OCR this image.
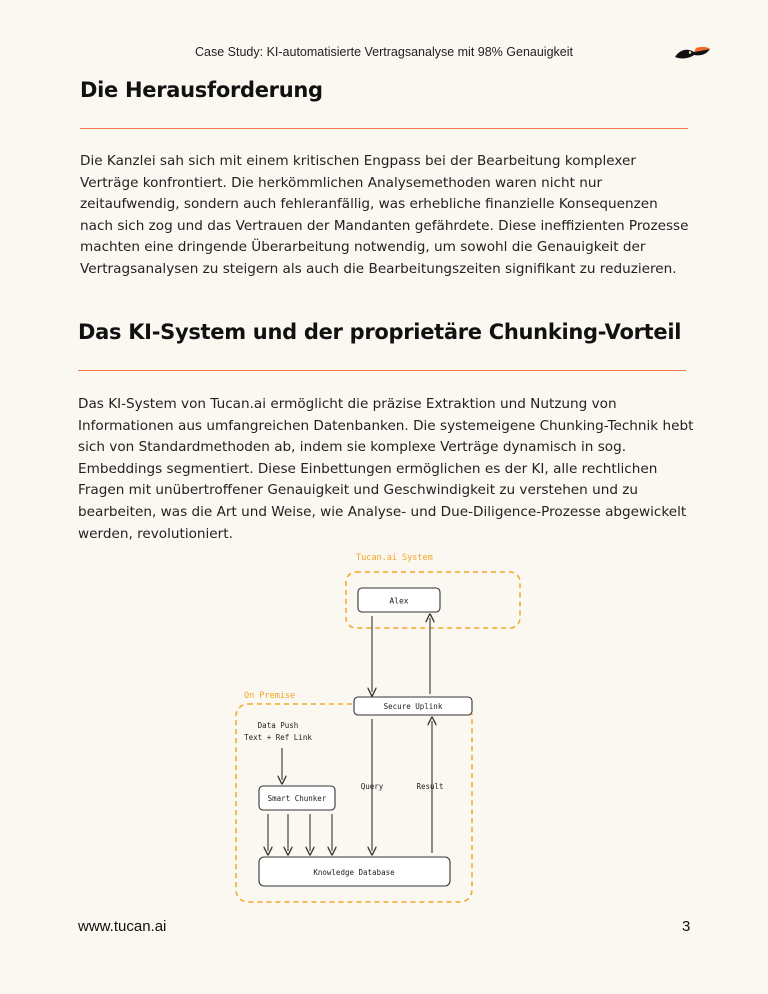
Case Study: KI-automatisierte Vertragsanalyse mit 98% Genauigkeit
Die Herausforderung

Die Kanzlei sah sich mit einem kritischen Engpass bei der Bearbeitung komplexer Verträge konfrontiert. Die herkömmlichen Analysemethoden waren nicht nur zeitaufwendig, sondern auch fehleranfällig, was erhebliche finanzielle Konsequenzen nach sich zog und das Vertrauen der Mandanten gefährdete. Diese ineffizienten Prozesse machten eine dringende Überarbeitung notwendig, um sowohl die Genauigkeit der Vertragsanalysen zu steigern als auch die Bearbeitungszeiten signifikant zu reduzieren.

Das KI-System und der proprietäre Chunking-Vorteil

Das KI-System von Tucan.ai ermöglicht die präzise Extraktion und Nutzung von Informationen aus umfangreichen Datenbanken. Die systemeigene Chunking-Technik hebt sich von Standardmethoden ab, indem sie komplexe Verträge dynamisch in sog. Embeddings segmentiert. Diese Einbettungen ermöglichen es der KI, alle rechtlichen Fragen mit unübertroffener Genauigkeit und Geschwindigkeit zu verstehen und zu bearbeiten, was die Art und Weise, wie Analyse- und Due-Diligence-Prozesse abgewickelt werden, revolutioniert.

Tucan.ai System
Alex
On Premise
Secure Uplink
Data Push
Text + Ref Link
Smart Chunker
Query	Result
Knowledge Database
www.tucan.ai	3
